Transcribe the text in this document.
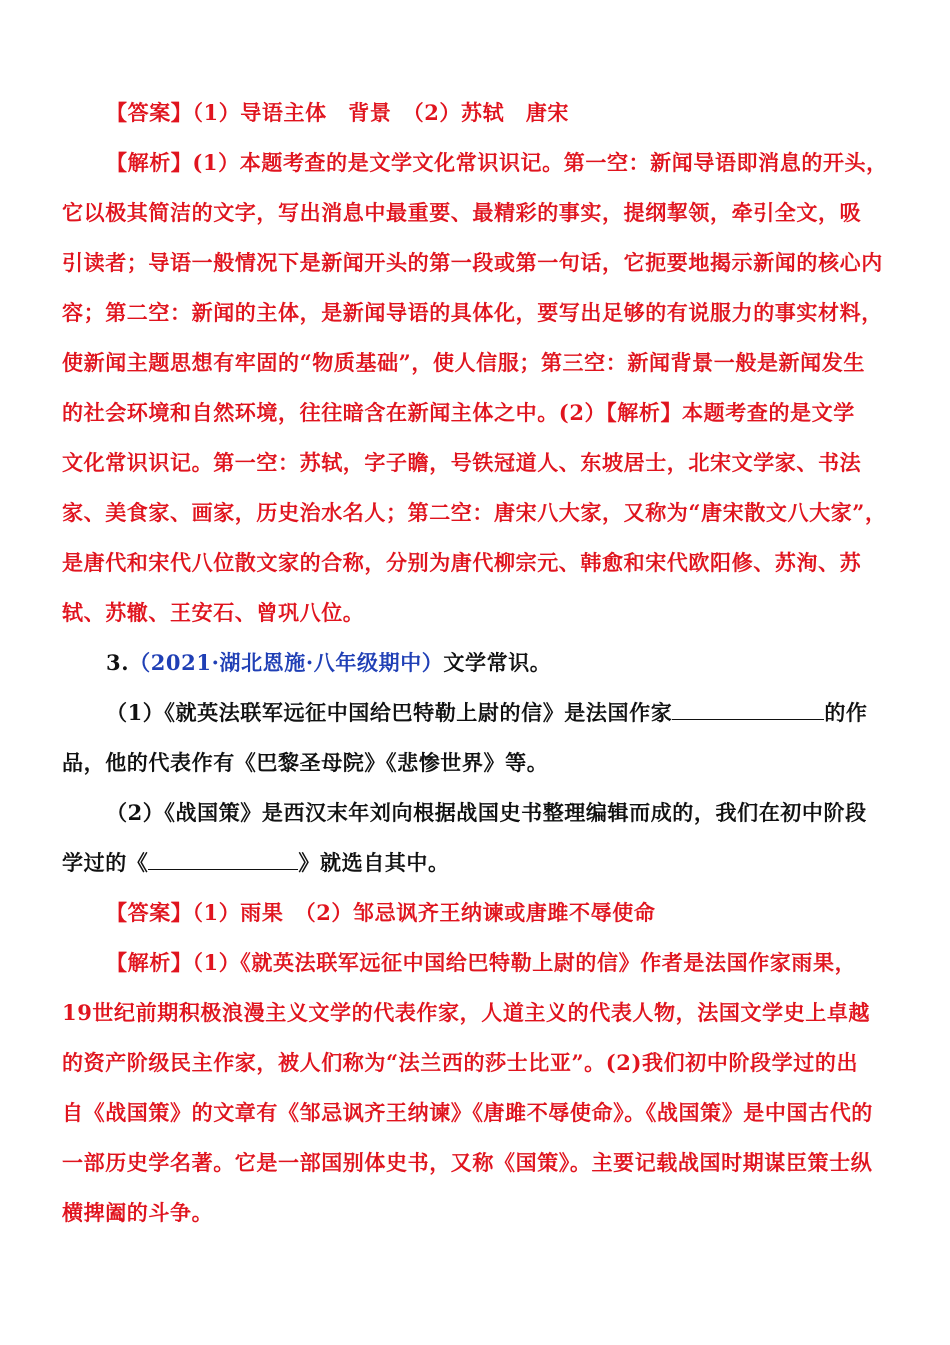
【答案】（1）导语主体　背景　（2）苏轼　唐宋
【解析】(1）本题考查的是文学文化常识识记。第一空：新闻导语即消息的开头，
它以极其简洁的文字，写出消息中最重要、最精彩的事实，提纲挈领，牵引全文，吸
引读者；导语一般情况下是新闻开头的第一段或第一句话，它扼要地揭示新闻的核心内
容；第二空：新闻的主体，是新闻导语的具体化，要写出足够的有说服力的事实材料，
使新闻主题思想有牢固的“物质基础”，使人信服；第三空：新闻背景一般是新闻发生
的社会环境和自然环境，往往暗含在新闻主体之中。(2）【解析】本题考查的是文学
文化常识识记。第一空：苏轼，字子瞻，号铁冠道人、东坡居士，北宋文学家、书法
家、美食家、画家，历史治水名人；第二空：唐宋八大家，又称为“唐宋散文八大家”，
是唐代和宋代八位散文家的合称，分别为唐代柳宗元、韩愈和宋代欧阳修、苏洵、苏
轼、苏辙、王安石、曾巩八位。
3.（2021·湖北恩施·八年级期中）文学常识。
（1）《就英法联军远征中国给巴特勒上尉的信》是法国作家	的作
品，他的代表作有《巴黎圣母院》《悲惨世界》等。
（2）《战国策》是西汉末年刘向根据战国史书整理编辑而成的，我们在初中阶段
学过的《	》就选自其中。
【答案】（1）雨果　（2）邹忌讽齐王纳谏或唐雎不辱使命
【解析】（1）《就英法联军远征中国给巴特勒上尉的信》作者是法国作家雨果，
19世纪前期积极浪漫主义文学的代表作家，人道主义的代表人物，法国文学史上卓越
的资产阶级民主作家，被人们称为“法兰西的莎士比亚”。(2)我们初中阶段学过的出
自《战国策》的文章有《邹忌讽齐王纳谏》《唐雎不辱使命》。《战国策》是中国古代的
一部历史学名著。它是一部国别体史书，又称《国策》。主要记载战国时期谋臣策士纵
横捭阖的斗争。
